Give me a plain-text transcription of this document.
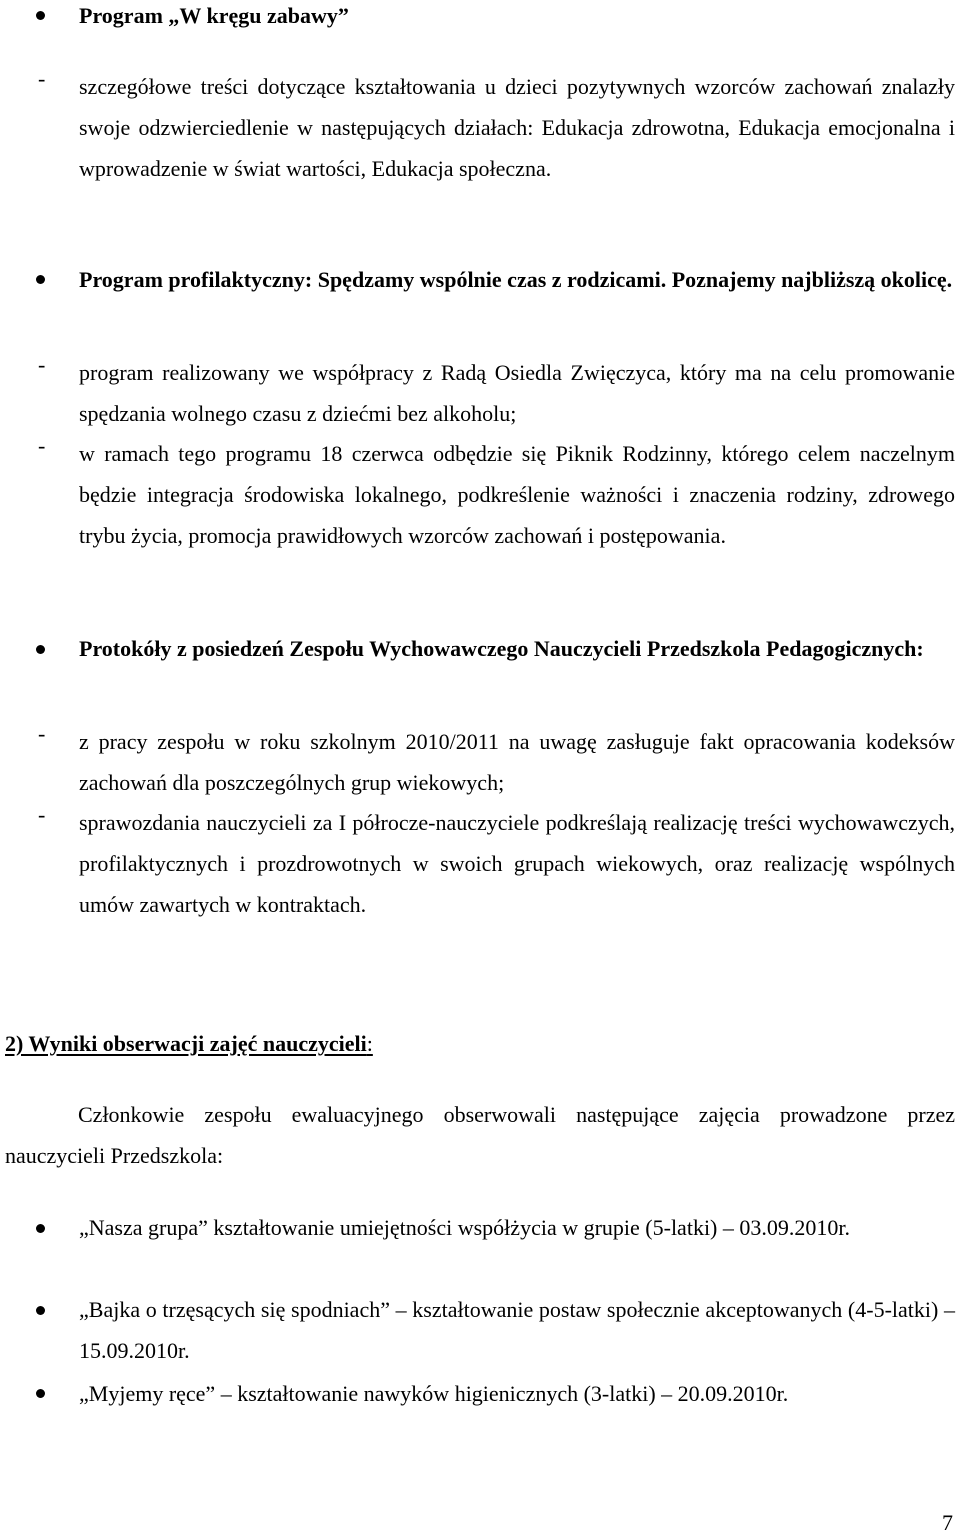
Program „W kręgu zabawy”
- szczegółowe treści dotyczące kształtowania u dzieci pozytywnych wzorców zachowań znalazły swoje odzwierciedlenie w następujących działach: Edukacja zdrowotna, Edukacja emocjonalna i wprowadzenie w świat wartości, Edukacja społeczna.
Program profilaktyczny: Spędzamy wspólnie czas z rodzicami. Poznajemy najbliższą okolicę.
- program realizowany we współpracy z Radą Osiedla Zwięczyca, który ma na celu promowanie spędzania wolnego czasu z dziećmi bez alkoholu;
- w ramach tego programu 18 czerwca odbędzie się Piknik Rodzinny, którego celem naczelnym będzie integracja środowiska lokalnego, podkreślenie ważności i znaczenia rodziny, zdrowego trybu życia, promocja prawidłowych wzorców zachowań i postępowania.
Protokóły z posiedzeń Zespołu Wychowawczego Nauczycieli Przedszkola Pedagogicznych:
- z pracy zespołu w roku szkolnym 2010/2011 na uwagę zasługuje fakt opracowania kodeksów zachowań dla poszczególnych grup wiekowych;
- sprawozdania nauczycieli za I półrocze-nauczyciele podkreślają realizację treści wychowawczych, profilaktycznych i prozdrowotnych w swoich grupach wiekowych, oraz realizację wspólnych umów zawartych w kontraktach.
2) Wyniki obserwacji zajęć nauczycieli:
Członkowie zespołu ewaluacyjnego obserwowali następujące zajęcia prowadzone przez nauczycieli Przedszkola:
„Nasza grupa” kształtowanie umiejętności współżycia w grupie (5-latki) – 03.09.2010r.
„Bajka o trzęsących się spodniach” – kształtowanie postaw społecznie akceptowanych (4-5-latki) – 15.09.2010r.
„Myjemy ręce” – kształtowanie nawyków higienicznych (3-latki) – 20.09.2010r.
7
